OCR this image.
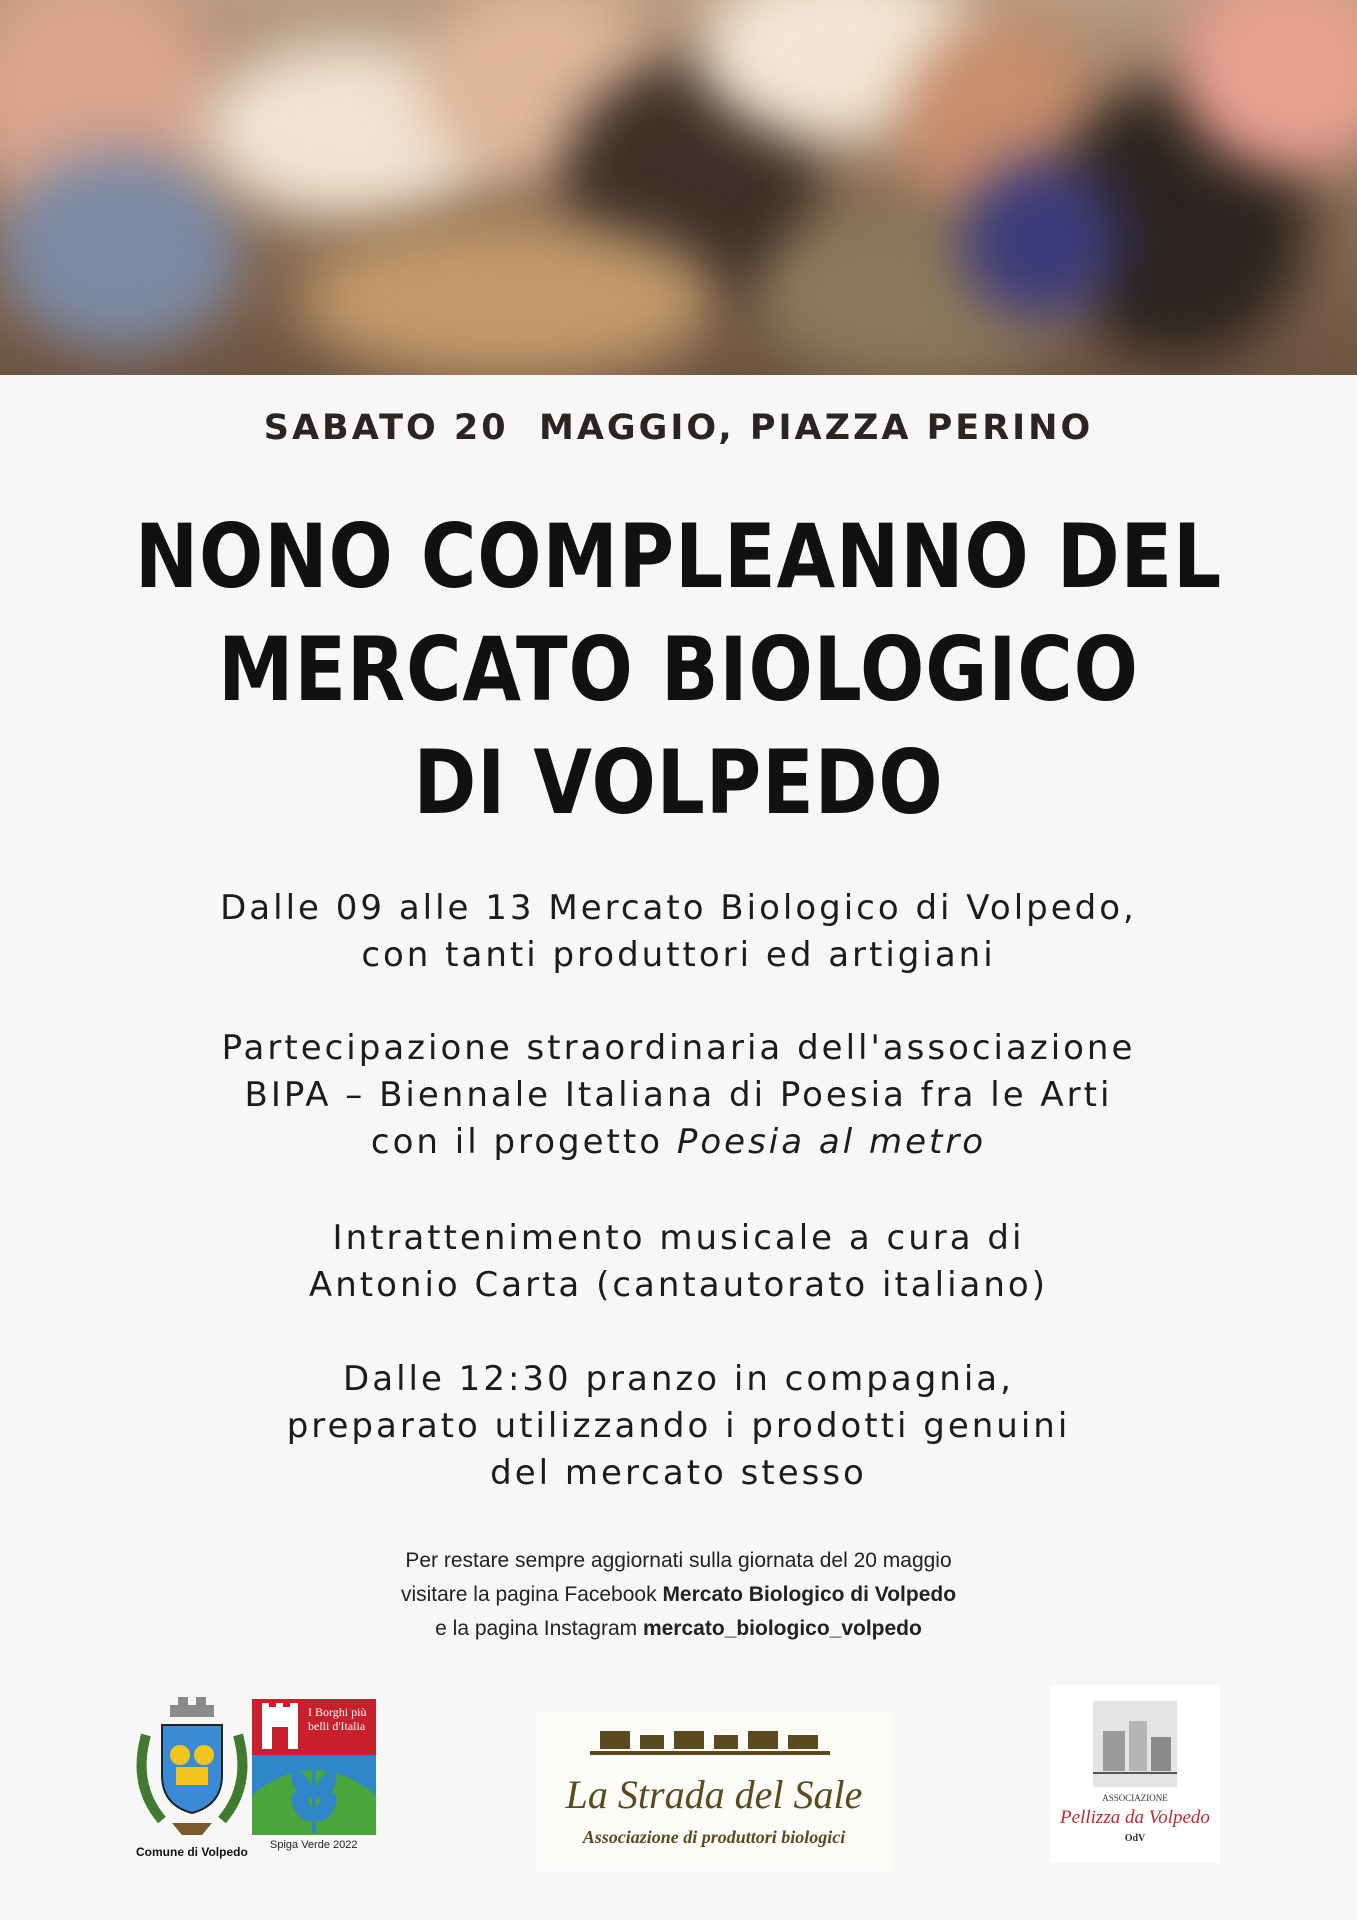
SABATO 20  MAGGIO, PIAZZA PERINO
NONO COMPLEANNO DEL
MERCATO BIOLOGICO
DI VOLPEDO
Dalle 09 alle 13 Mercato Biologico di Volpedo,
con tanti produttori ed artigiani
Partecipazione straordinaria dell'associazione
BIPA – Biennale Italiana di Poesia fra le Arti
con il progetto Poesia al metro
Intrattenimento musicale a cura di
Antonio Carta (cantautorato italiano)
Dalle 12:30 pranzo in compagnia,
preparato utilizzando i prodotti genuini
del mercato stesso
Per restare sempre aggiornati sulla giornata del 20 maggio
visitare la pagina Facebook Mercato Biologico di Volpedo
e la pagina Instagram mercato_biologico_volpedo
Comune di Volpedo
I Borghi più belli d'Italia
Spiga Verde 2022
La Strada del Sale
Associazione di produttori biologici
ASSOCIAZIONE
Pellizza da Volpedo
OdV
